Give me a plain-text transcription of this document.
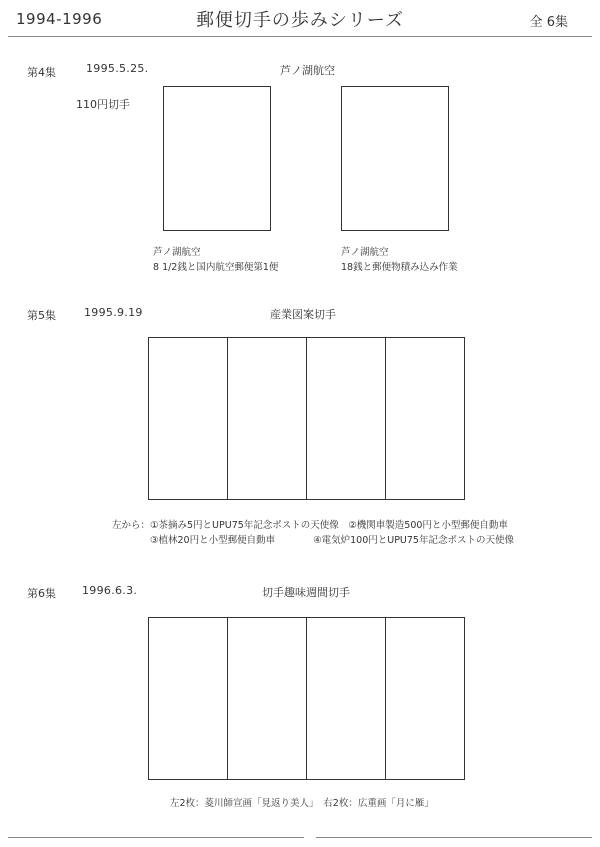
1994-1996	郵便切手の歩みシリーズ	全 6集
第4集	1995.5.25.	芦ノ湖航空
110円切手
芦ノ湖航空
8 1/2銭と国内航空郵便第1便
芦ノ湖航空
18銭と郵便物積み込み作業
第5集	1995.9.19	産業図案切手
左から：①茶摘み5円とUPU75年記念ポストの天使像　②機関車製造500円と小型郵便自動車
③植林20円と小型郵便自動車　　　　④電気炉100円とUPU75年記念ポストの天使像
第6集 1996.6.3.	切手趣味週間切手
左2枚：菱川師宣画「見返り美人」　右2枚：広重画「月に雁」
